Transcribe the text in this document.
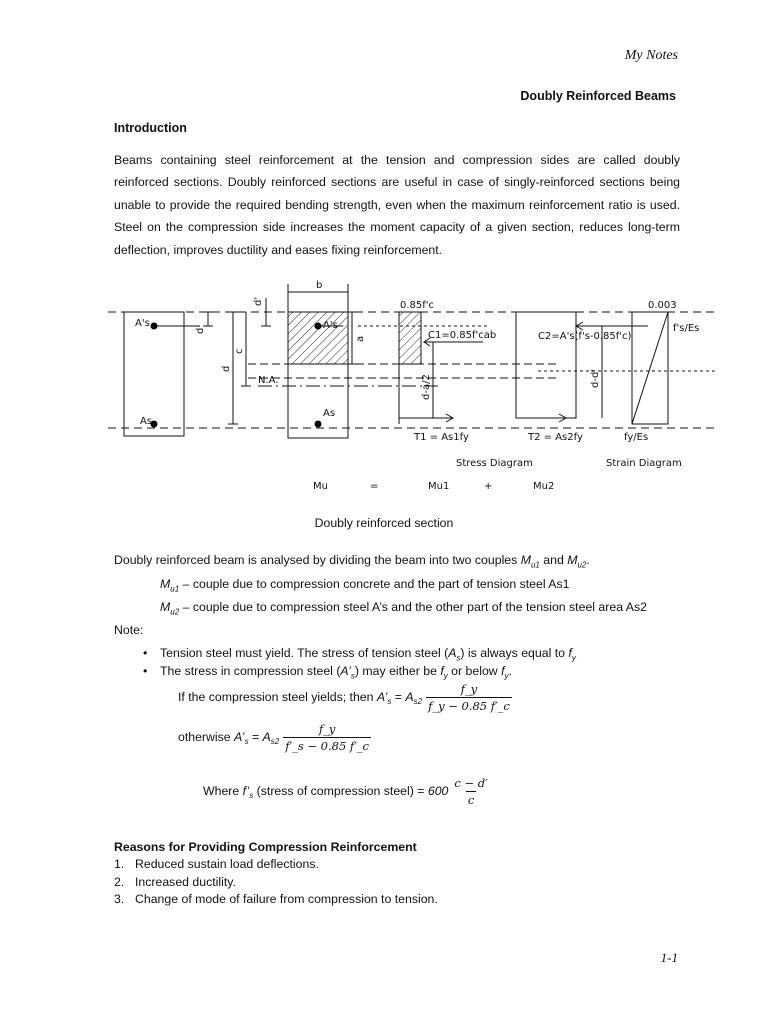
My Notes
Doubly Reinforced Beams
Introduction

Beams containing steel reinforcement at the tension and compression sides are called doubly reinforced sections. Doubly reinforced sections are useful in case of singly-reinforced sections being unable to provide the required bending strength, even when the maximum reinforcement ratio is used. Steel on the compression side increases the moment capacity of a given section, reduces long-term deflection, improves ductility and eases fixing reinforcement.

b
A's	A's
As
As
d'
d'
c
d
a
N.A.
0.85f'c
C1=0.85f'cab
d-a/2
T1 = As1fy
C2=A's(f's-0.85f'c)
d-d'
T2 = As2fy
0.003
f's/Es
fy/Es
Stress Diagram	Strain Diagram
Mu	=	Mu1	+	Mu2
Doubly reinforced section

Doubly reinforced beam is analysed by dividing the beam into two couples $M_{u1}$ and $M_{u2}$.

$M_{u1}$ – couple due to compression concrete and the part of tension steel As1

$M_{u2}$ – couple due to compression steel A’s and the other part of the tension steel area As2

Note:

• Tension steel must yield. The stress of tension steel $(A_s)$ is always equal to $f_y$

• The stress in compression steel $(A’_s)$ may either be $f_y$ or below $f_y$.

If the compression steel yields; then $A’_s = A_{s2} \frac{f\_y}{f\_y - 0.85 f'\_c}$
otherwise $A’_s = A_{s2} \frac{f\_y}{f'\_s - 0.85 f'\_c}$
Where $f’_s$ (stress of compression steel) = $600 \frac{c - d'}{c}$
Reasons for Providing Compression Reinforcement
1. Reduced sustain load deflections.
2. Increased ductility.
3. Change of mode of failure from compression to tension.
1-1
